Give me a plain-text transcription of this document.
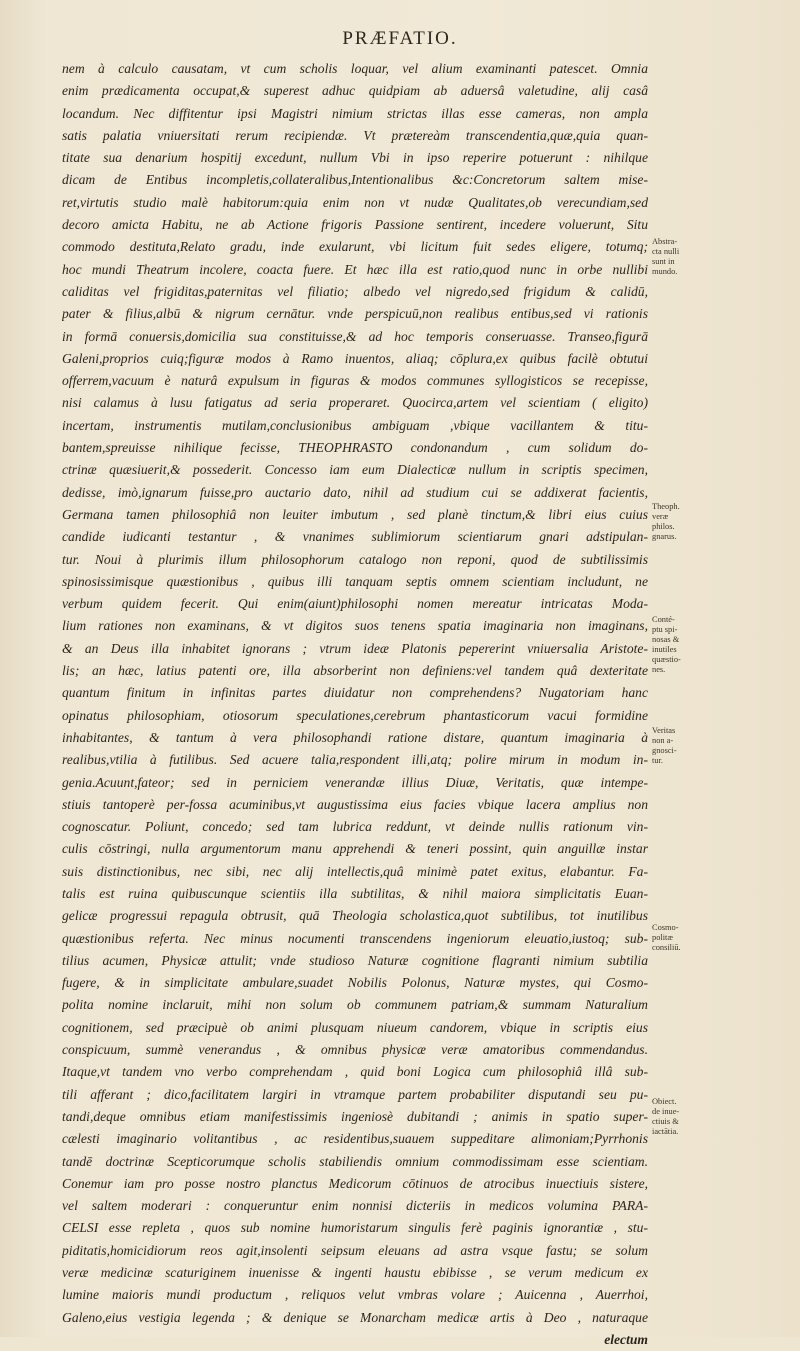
PRÆFATIO.
nem à calculo causatam, vt cum scholis loquar, vel alium examinanti patescet. Omnia
enim prædicamenta occupat,& superest adhuc quidpiam ab aduersâ valetudine, alij casâ
locandum. Nec diffitentur ipsi Magistri nimium strictas illas esse cameras, non ampla
satis palatia vniuersitati rerum recipiendæ. Vt prætereàm transcendentia,quæ,quia quan-
titate sua denarium hospitij excedunt, nullum Vbi in ipso reperire potuerunt : nihilque
dicam de Entibus incompletis,collateralibus,Intentionalibus &c:Concretorum saltem mise-
ret,virtutis studio malè habitorum:quia enim non vt nudæ Qualitates,ob verecundiam,sed
decoro amicta Habitu, ne ab Actione frigoris Passione sentirent, incedere voluerunt, Situ
commodo destituta,Relato gradu, inde exularunt, vbi licitum fuit sedes eligere, totumq;
hoc mundi Theatrum incolere, coacta fuere. Et hæc illa est ratio,quod nunc in orbe nullibi
caliditas vel frigiditas,paternitas vel filiatio; albedo vel nigredo,sed frigidum & calidū,
pater & filius,albū & nigrum cernātur. vnde perspicuū,non realibus entibus,sed vi rationis
in formā conuersis,domicilia sua constituisse,& ad hoc temporis conseruasse. Transeo,figurā
Galeni,proprios cuiq;figuræ modos à Ramo inuentos, aliaq; cōplura,ex quibus facilè obtutui
offerrem,vacuum è naturâ expulsum in figuras & modos communes syllogisticos se recepisse,
nisi calamus à lusu fatigatus ad seria properaret. Quocirca,artem vel scientiam ( eligito)
incertam, instrumentis mutilam,conclusionibus ambiguam ,vbique vacillantem & titu-
bantem,spreuisse nihilique fecisse, THEOPHRASTO condonandum , cum solidum do-
ctrinæ quæsiuerit,& possederit. Concesso iam eum Dialecticæ nullum in scriptis specimen,
dedisse, imò,ignarum fuisse,pro auctario dato, nihil ad studium cui se addixerat facientis,
Germana tamen philosophiâ non leuiter imbutum , sed planè tinctum,& libri eius cuius
candide iudicanti testantur , & vnanimes sublimiorum scientiarum gnari adstipulan-
tur. Noui à plurimis illum philosophorum catalogo non reponi, quod de subtilissimis
spinosissimisque quæstionibus , quibus illi tanquam septis omnem scientiam includunt, ne
verbum quidem fecerit. Qui enim(aiunt)philosophi nomen mereatur intricatas Moda-
lium rationes non examinans, & vt digitos suos tenens spatia imaginaria non imaginans,
& an Deus illa inhabitet ignorans ; vtrum ideæ Platonis pepererint vniuersalia Aristote-
lis; an hæc, latius patenti ore, illa absorberint non definiens:vel tandem quâ dexteritate
quantum finitum in infinitas partes diuidatur non comprehendens? Nugatoriam hanc
opinatus philosophiam, otiosorum speculationes,cerebrum phantasticorum vacui formidine
inhabitantes, & tantum à vera philosophandi ratione distare, quantum imaginaria à
realibus,vtilia à futilibus. Sed acuere talia,respondent illi,atq; polire mirum in modum in-
genia.Acuunt,fateor; sed in perniciem venerandæ illius Diuæ, Veritatis, quæ intempe-
stiuis tantoperè per-fossa acuminibus,vt augustissima eius facies vbique lacera amplius non
cognoscatur. Poliunt, concedo; sed tam lubrica reddunt, vt deinde nullis rationum vin-
culis cōstringi, nulla argumentorum manu apprehendi & teneri possint, quin anguillæ instar
suis distinctionibus, nec sibi, nec alij intellectis,quâ minimè patet exitus, elabantur. Fa-
talis est ruina quibuscunque scientiis illa subtilitas, & nihil maiora simplicitatis Euan-
gelicæ progressui repagula obtrusit, quā Theologia scholastica,quot subtilibus, tot inutilibus
quæstionibus referta. Nec minus nocumenti transcendens ingeniorum eleuatio,iustoq; sub-
tilius acumen, Physicæ attulit; vnde studioso Naturæ cognitione flagranti nimium subtilia
fugere, & in simplicitate ambulare,suadet Nobilis Polonus, Naturæ mystes, qui Cosmo-
polita nomine inclaruit, mihi non solum ob communem patriam,& summam Naturalium
cognitionem, sed præcipuè ob animi plusquam niueum candorem, vbique in scriptis eius
conspicuum, summè venerandus , & omnibus physicæ veræ amatoribus commendandus.
Itaque,vt tandem vno verbo comprehendam , quid boni Logica cum philosophiâ illâ sub-
tili afferant ; dico,facilitatem largiri in vtramque partem probabiliter disputandi seu pu-
tandi,deque omnibus etiam manifestissimis ingeniosè dubitandi ; animis in spatio super-
cælesti imaginario volitantibus , ac residentibus,suauem suppeditare alimoniam;Pyrrhonis
tandē doctrinæ Scepticorumque scholis stabiliendis omnium commodissimam esse scientiam.
Conemur iam pro posse nostro planctus Medicorum cōtinuos de atrocibus inuectiuis sistere,
vel saltem moderari : conqueruntur enim nonnisi dicteriis in medicos volumina PARA-
CELSI esse repleta , quos sub nomine humoristarum singulis ferè paginis ignorantiæ , stu-
piditatis,homicidiorum reos agit,insolenti seipsum eleuans ad astra vsque fastu; se solum
veræ medicinæ scaturiginem inuenisse & ingenti haustu ebibisse , se verum medicum ex
lumine maioris mundi productum , reliquos velut vmbras volare ; Auicenna , Auerrhoi,
Galeno,eius vestigia legenda ; & denique se Monarcham medicæ artis à Deo , naturaque
electum
Abstra-
cta nulli
sunt in
mundo.
Theoph.
veræ
philos.
gnarus.
Conté-
ptu spi-
nosas &
inutiles
quæstio-
nes.
Veritas
non a-
gnosci-
tur.
Cosmo-
politæ
consiliū.
Obiect.
de inue-
ctiuis &
iactātia.
